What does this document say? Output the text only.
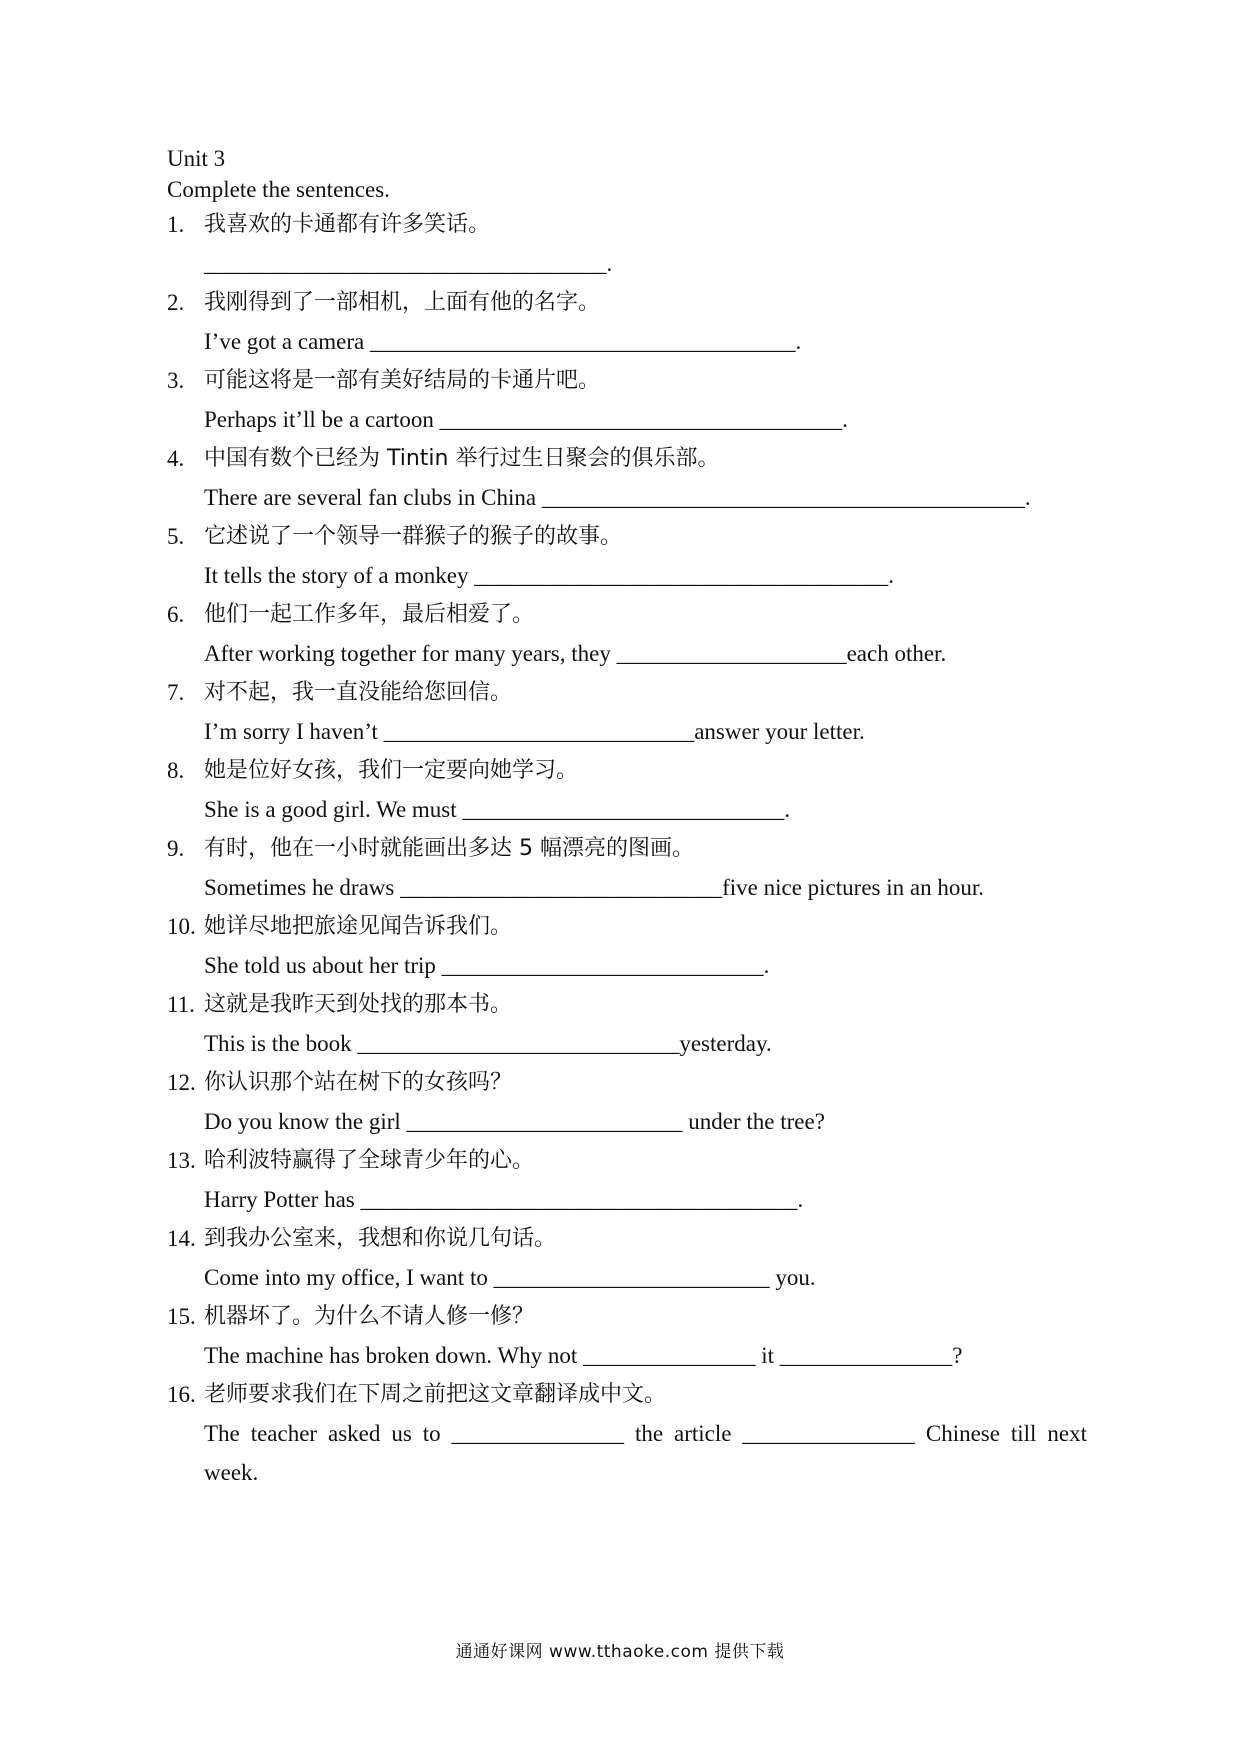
Unit 3
Complete the sentences.
1. 我喜欢的卡通都有许多笑话。
___________________________________.
2. 我刚得到了一部相机，上面有他的名字。
I’ve got a camera _____________________________________.
3. 可能这将是一部有美好结局的卡通片吧。
Perhaps it’ll be a cartoon ___________________________________.
4. 中国有数个已经为 Tintin 举行过生日聚会的俱乐部。
There are several fan clubs in China __________________________________________.
5. 它述说了一个领导一群猴子的猴子的故事。
It tells the story of a monkey ____________________________________.
6. 他们一起工作多年，最后相爱了。
After working together for many years, they ____________________each other.
7. 对不起，我一直没能给您回信。
I’m sorry I haven’t ___________________________answer your letter.
8. 她是位好女孩，我们一定要向她学习。
She is a good girl. We must ____________________________.
9. 有时，他在一小时就能画出多达 5 幅漂亮的图画。
Sometimes he draws ____________________________five nice pictures in an hour.
10. 她详尽地把旅途见闻告诉我们。
She told us about her trip ____________________________.
11. 这就是我昨天到处找的那本书。
This is the book ____________________________yesterday.
12. 你认识那个站在树下的女孩吗？
Do you know the girl ________________________ under the tree?
13. 哈利波特赢得了全球青少年的心。
Harry Potter has ______________________________________.
14. 到我办公室来，我想和你说几句话。
Come into my office, I want to ________________________ you.
15. 机器坏了。为什么不请人修一修？
The machine has broken down. Why not _______________ it _______________?
16. 老师要求我们在下周之前把这文章翻译成中文。
The teacher asked us to _______________ the article _______________ Chinese till next week.
通通好课网 www.tthaoke.com 提供下载
